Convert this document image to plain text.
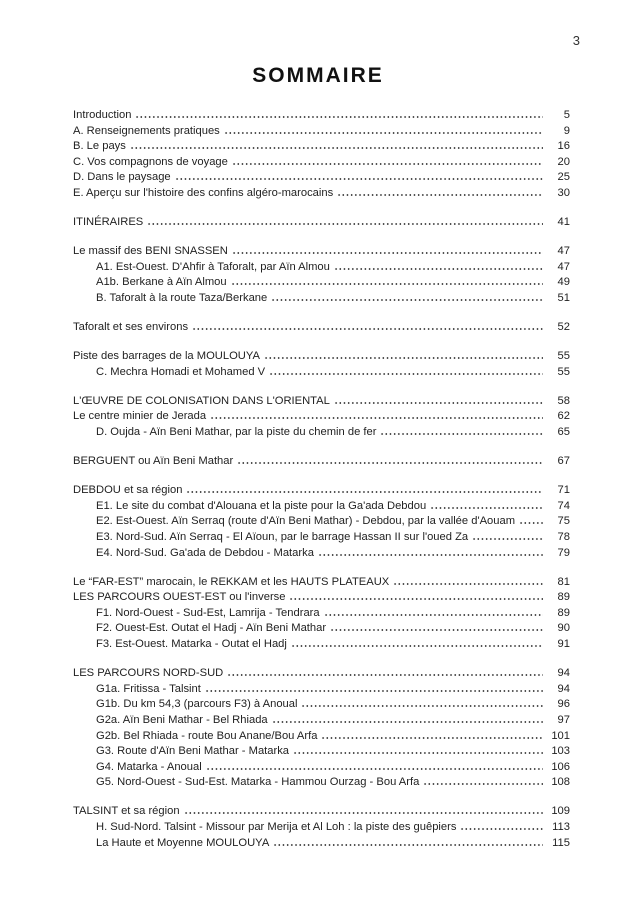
3
SOMMAIRE
Introduction	5
A. Renseignements pratiques	9
B. Le pays	16
C. Vos compagnons de voyage	20
D. Dans le paysage	25
E. Aperçu sur l'histoire des confins algéro-marocains	30
ITINÉRAIRES	41
Le massif des BENI SNASSEN	47
A1. Est-Ouest. D'Ahfir à Taforalt, par Aïn Almou	47
A1b. Berkane à Aïn Almou	49
B. Taforalt à la route Taza/Berkane	51
Taforalt et ses environs	52
Piste des barrages de la MOULOUYA	55
C. Mechra Homadi et Mohamed V	55
L'ŒUVRE DE COLONISATION DANS L'ORIENTAL	58
Le centre minier de Jerada	62
D. Oujda - Aïn Beni Mathar, par la piste du chemin de fer	65
BERGUENT ou Aïn Beni Mathar	67
DEBDOU et sa région	71
E1. Le site du combat d'Alouana et la piste pour la Ga'ada Debdou	74
E2. Est-Ouest. Aïn Serraq (route d'Aïn Beni Mathar) - Debdou, par la vallée d'Aouam	75
E3. Nord-Sud. Aïn Serraq - El Aïoun, par le barrage Hassan II sur l'oued Za	78
E4. Nord-Sud. Ga'ada de Debdou - Matarka	79
Le “FAR-EST” marocain, le REKKAM et les HAUTS PLATEAUX	81
LES PARCOURS OUEST-EST ou l'inverse	89
F1. Nord-Ouest - Sud-Est, Lamrija - Tendrara	89
F2. Ouest-Est. Outat el Hadj - Aïn Beni Mathar	90
F3. Est-Ouest. Matarka - Outat el Hadj	91
LES PARCOURS NORD-SUD	94
G1a. Fritissa - Talsint	94
G1b. Du km 54,3 (parcours F3) à Anoual	96
G2a. Aïn Beni Mathar - Bel Rhiada	97
G2b. Bel Rhiada - route Bou Anane/Bou Arfa	101
G3. Route d'Aïn Beni Mathar - Matarka	103
G4. Matarka - Anoual	106
G5. Nord-Ouest - Sud-Est. Matarka - Hammou Ourzag - Bou Arfa	108
TALSINT et sa région	109
H. Sud-Nord. Talsint - Missour par Merija et Al Loh : la piste des guêpiers	113
La Haute et Moyenne MOULOUYA	115
